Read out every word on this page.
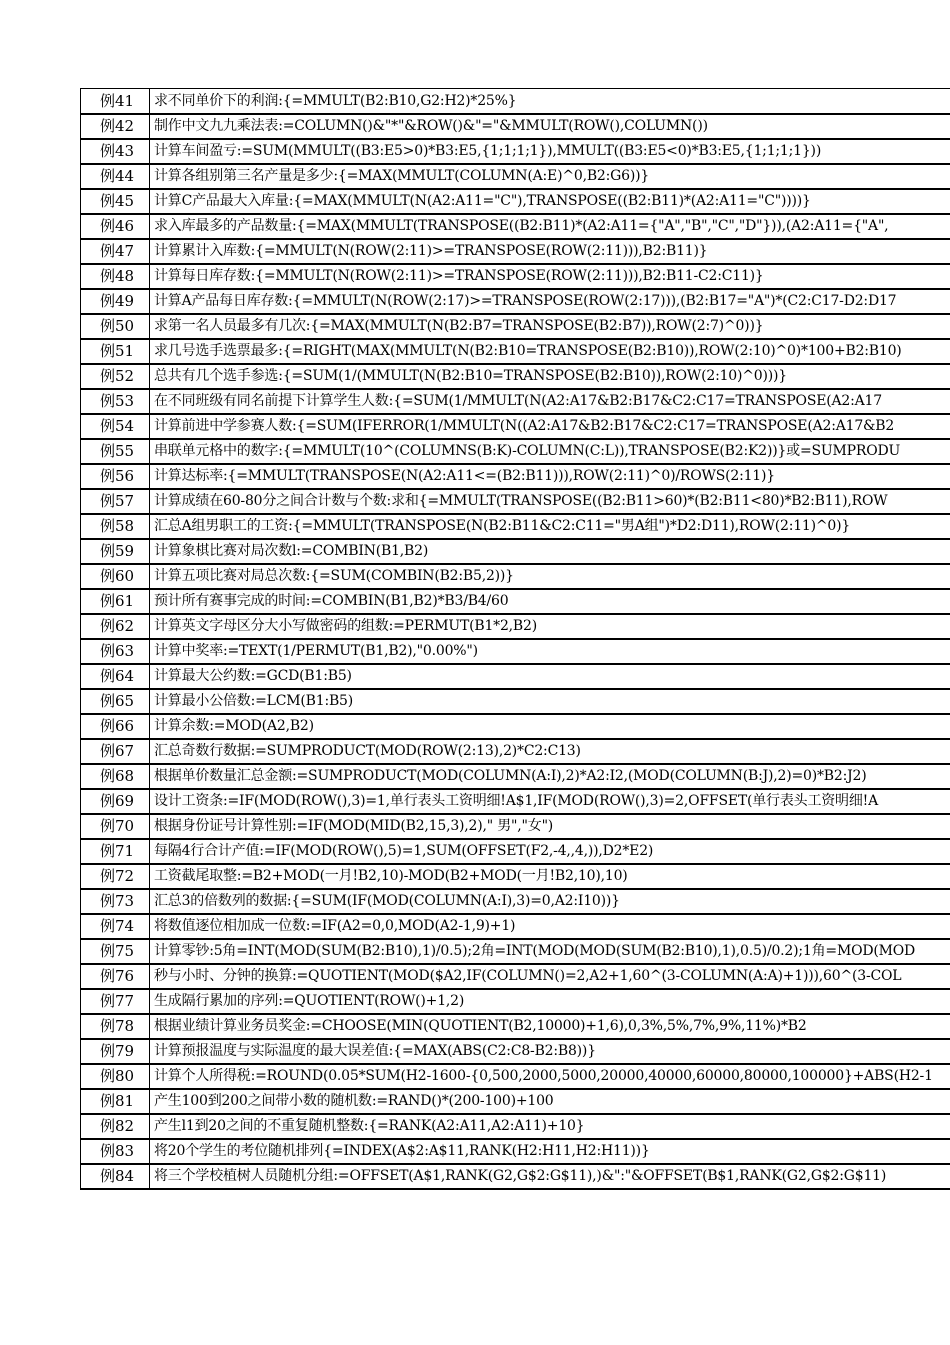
例41	求不同单价下的利润:{=MMULT(B2:B10,G2:H2)*25%}
例42	制作中文九九乘法表:=COLUMN()&"*"&ROW()&"="&MMULT(ROW(),COLUMN())
例43	计算车间盈亏:=SUM(MMULT((B3:E5>0)*B3:E5,{1;1;1;1}),MMULT((B3:E5<0)*B3:E5,{1;1;1;1}))
例44	计算各组别第三名产量是多少:{=MAX(MMULT(COLUMN(A:E)^0,B2:G6))}
例45	计算C产品最大入库量:{=MAX(MMULT(N(A2:A11="C"),TRANSPOSE((B2:B11)*(A2:A11="C"))))}
例46	求入库最多的产品数量:{=MAX(MMULT(TRANSPOSE((B2:B11)*(A2:A11={"A","B","C","D"})),(A2:A11={"A",
例47	计算累计入库数:{=MMULT(N(ROW(2:11)>=TRANSPOSE(ROW(2:11))),B2:B11)}
例48	计算每日库存数:{=MMULT(N(ROW(2:11)>=TRANSPOSE(ROW(2:11))),B2:B11-C2:C11)}
例49	计算A产品每日库存数:{=MMULT(N(ROW(2:17)>=TRANSPOSE(ROW(2:17))),(B2:B17="A")*(C2:C17-D2:D17
例50	求第一名人员最多有几次:{=MAX(MMULT(N(B2:B7=TRANSPOSE(B2:B7)),ROW(2:7)^0))}
例51	求几号选手选票最多:{=RIGHT(MAX(MMULT(N(B2:B10=TRANSPOSE(B2:B10)),ROW(2:10)^0)*100+B2:B10)
例52	总共有几个选手参选:{=SUM(1/(MMULT(N(B2:B10=TRANSPOSE(B2:B10)),ROW(2:10)^0)))}
例53	在不同班级有同名前提下计算学生人数:{=SUM(1/MMULT(N(A2:A17&B2:B17&C2:C17=TRANSPOSE(A2:A17
例54	计算前进中学参赛人数:{=SUM(IFERROR(1/MMULT(N((A2:A17&B2:B17&C2:C17=TRANSPOSE(A2:A17&B2
例55	串联单元格中的数字:{=MMULT(10^(COLUMNS(B:K)-COLUMN(C:L)),TRANSPOSE(B2:K2))}或=SUMPRODU
例56	计算达标率:{=MMULT(TRANSPOSE(N(A2:A11<=(B2:B11))),ROW(2:11)^0)/ROWS(2:11)}
例57	计算成绩在60-80分之间合计数与个数:求和{=MMULT(TRANSPOSE((B2:B11>60)*(B2:B11<80)*B2:B11),ROW
例58	汇总A组男职工的工资:{=MMULT(TRANSPOSE(N(B2:B11&C2:C11="男A组")*D2:D11),ROW(2:11)^0)}
例59	计算象棋比赛对局次数l:=COMBIN(B1,B2)
例60	计算五项比赛对局总次数:{=SUM(COMBIN(B2:B5,2))}
例61	预计所有赛事完成的时间:=COMBIN(B1,B2)*B3/B4/60
例62	计算英文字母区分大小写做密码的组数:=PERMUT(B1*2,B2)
例63	计算中奖率:=TEXT(1/PERMUT(B1,B2),"0.00%")
例64	计算最大公约数:=GCD(B1:B5)
例65	计算最小公倍数:=LCM(B1:B5)
例66	计算余数:=MOD(A2,B2)
例67	汇总奇数行数据:=SUMPRODUCT(MOD(ROW(2:13),2)*C2:C13)
例68	根据单价数量汇总金额:=SUMPRODUCT(MOD(COLUMN(A:I),2)*A2:I2,(MOD(COLUMN(B:J),2)=0)*B2:J2)
例69	设计工资条:=IF(MOD(ROW(),3)=1,单行表头工资明细!A$1,IF(MOD(ROW(),3)=2,OFFSET(单行表头工资明细!A
例70	根据身份证号计算性别:=IF(MOD(MID(B2,15,3),2)," 男","女")
例71	每隔4行合计产值:=IF(MOD(ROW(),5)=1,SUM(OFFSET(F2,-4,,4,)),D2*E2)
例72	工资截尾取整:=B2+MOD(一月!B2,10)-MOD(B2+MOD(一月!B2,10),10)
例73	汇总3的倍数列的数据:{=SUM(IF(MOD(COLUMN(A:I),3)=0,A2:I10))}
例74	将数值逐位相加成一位数:=IF(A2=0,0,MOD(A2-1,9)+1)
例75	计算零钞:5角=INT(MOD(SUM(B2:B10),1)/0.5);2角=INT(MOD(MOD(SUM(B2:B10),1),0.5)/0.2);1角=MOD(MOD
例76	秒与小时、分钟的换算:=QUOTIENT(MOD($A2,IF(COLUMN()=2,A2+1,60^(3-COLUMN(A:A)+1))),60^(3-COL
例77	生成隔行累加的序列:=QUOTIENT(ROW()+1,2)
例78	根据业绩计算业务员奖金:=CHOOSE(MIN(QUOTIENT(B2,10000)+1,6),0,3%,5%,7%,9%,11%)*B2
例79	计算预报温度与实际温度的最大误差值:{=MAX(ABS(C2:C8-B2:B8))}
例80	计算个人所得税:=ROUND(0.05*SUM(H2-1600-{0,500,2000,5000,20000,40000,60000,80000,100000}+ABS(H2-1
例81	产生100到200之间带小数的随机数:=RAND()*(200-100)+100
例82	产生l1到20之间的不重复随机整数:{=RANK(A2:A11,A2:A11)+10}
例83	将20个学生的考位随机排列{=INDEX(A$2:A$11,RANK(H2:H11,H2:H11))}
例84	将三个学校植树人员随机分组:=OFFSET(A$1,RANK(G2,G$2:G$11),)&":"&OFFSET(B$1,RANK(G2,G$2:G$11)
